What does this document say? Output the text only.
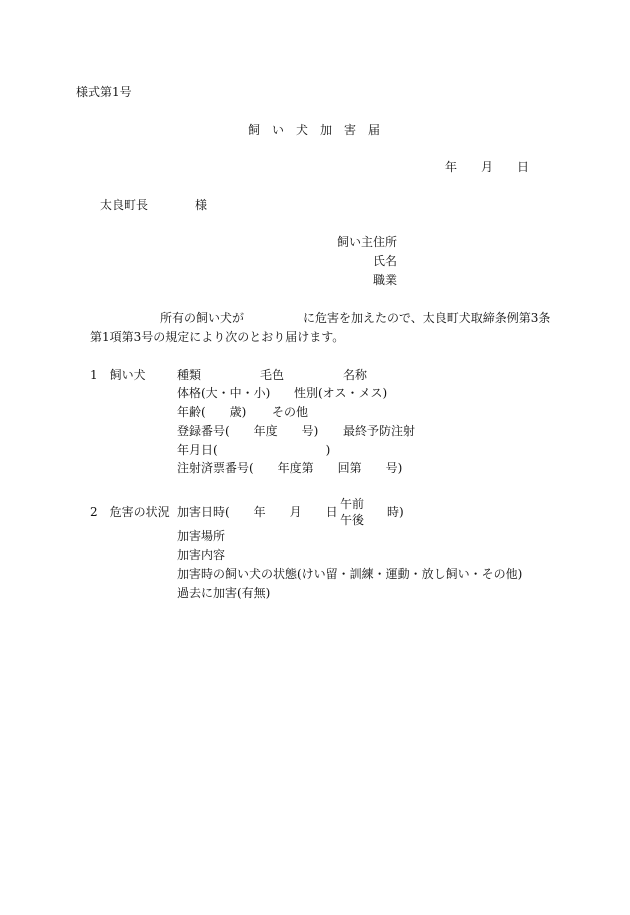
様式第1号
飼　い　犬　加　害　届
年　　月　　日
太良町長	様
飼い主住所
氏名
職業
所有の飼い犬が	に危害を加えたので、太良町犬取締条例第3条
第1項第3号の規定により次のとおり届けます。
1　飼い犬	種類	毛色	名称
体格(大・中・小) 性別(オス・メス)
年齢(　　歳) その他
登録番号(　　年度　　号) 最終予防注射
年月日(　　　　　　　　　)
注射済票番号(　　年度第　　回第　　号)
2　危害の状況 加害日時(　　年　　月　　日
午前
午後
時)
加害場所
加害内容
加害時の飼い犬の状態(けい留・訓練・運動・放し飼い・その他)
過去に加害(有無)
